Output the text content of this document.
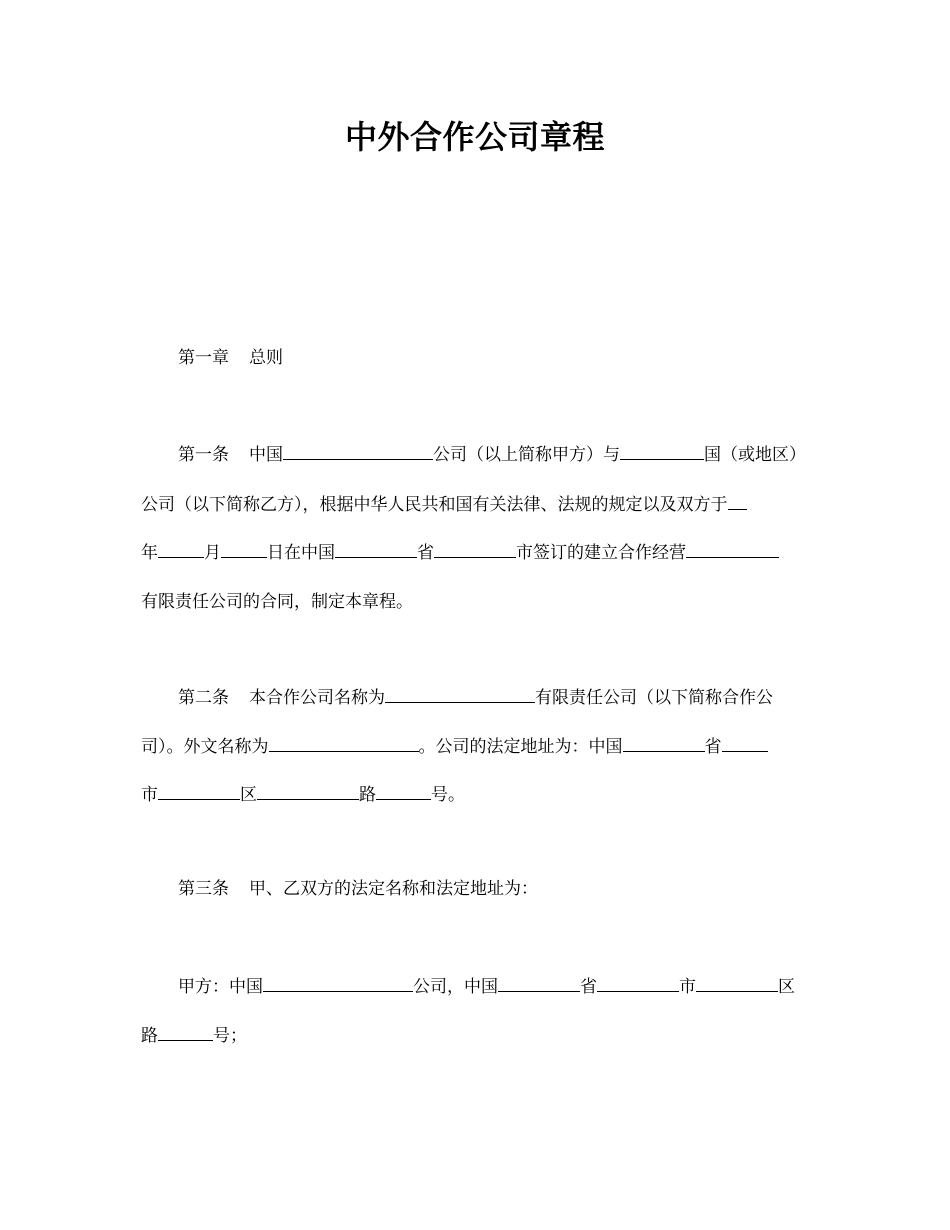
中外合作公司章程
第一章 总则
第一条 中国	公司（以上简称甲方）与	国（或地区）
公司（以下简称乙方），根据中华人民共和国有关法律、法规的规定以及双方于
年	月	日在中国	省	市签订的建立合作经营
有限责任公司的合同，制定本章程。
第二条 本合作公司名称为	有限责任公司（以下简称合作公
司）。外文名称为	。公司的法定地址为：中国	省
市	区	路	号。
第三条 甲、乙双方的法定名称和法定地址为：
甲方：中国	公司，中国	省	市	区
路	号；
